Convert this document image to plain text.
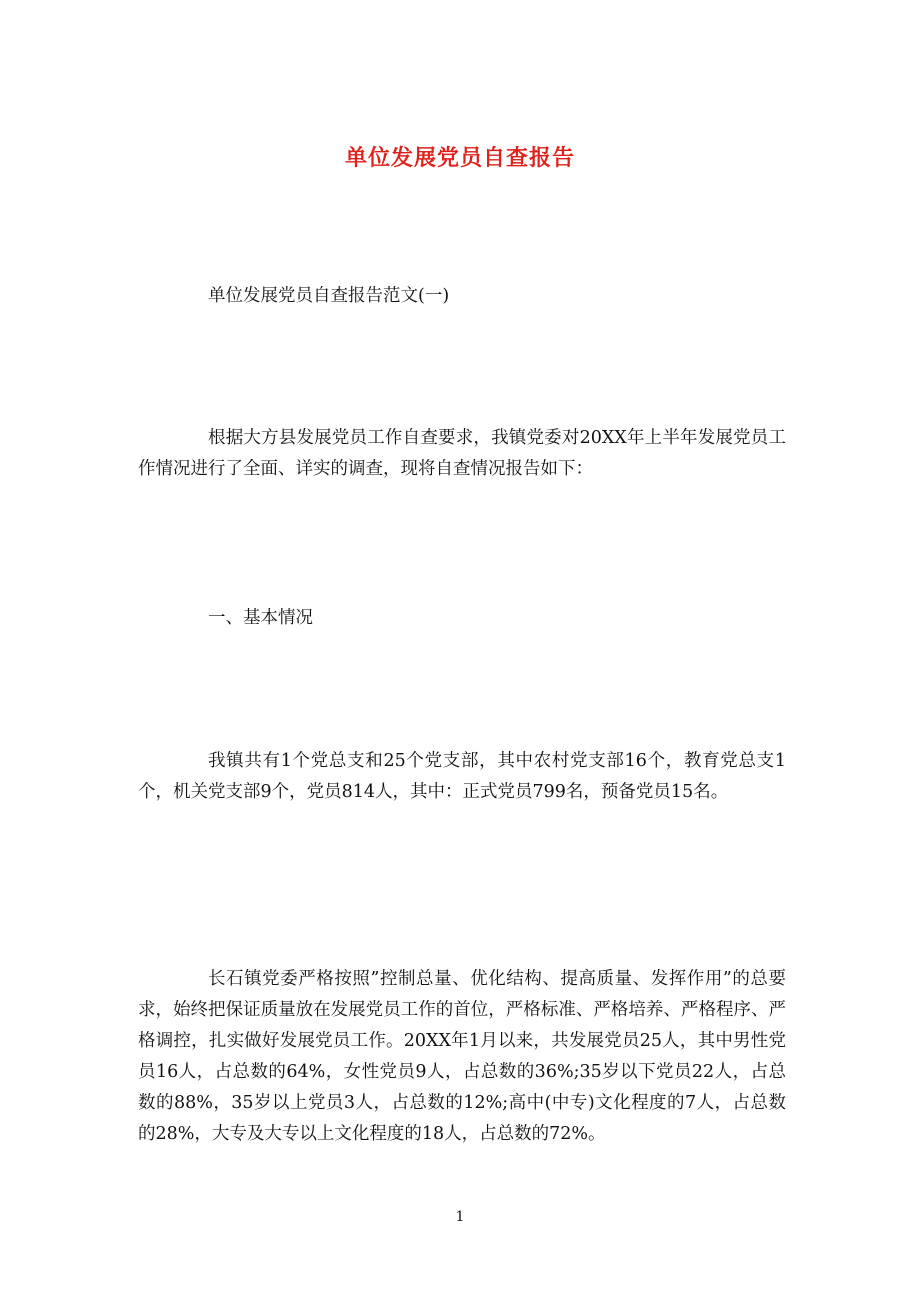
单位发展党员自查报告

单位发展党员自查报告范文(一)

根据大方县发展党员工作自查要求，我镇党委对20XX年上半年发展党员工作情况进行了全面、详实的调查，现将自查情况报告如下：

一、基本情况

我镇共有1个党总支和25个党支部，其中农村党支部16个，教育党总支1个，机关党支部9个，党员814人，其中：正式党员799名，预备党员15名。

长石镇党委严格按照”控制总量、优化结构、提高质量、发挥作用”的总要求，始终把保证质量放在发展党员工作的首位，严格标准、严格培养、严格程序、严格调控，扎实做好发展党员工作。20XX年1月以来，共发展党员25人，其中男性党员16人，占总数的64%，女性党员9人，占总数的36%;35岁以下党员22人，占总数的88%，35岁以上党员3人，占总数的12%;高中(中专)文化程度的7人，占总数的28%，大专及大专以上文化程度的18人，占总数的72%。

1
